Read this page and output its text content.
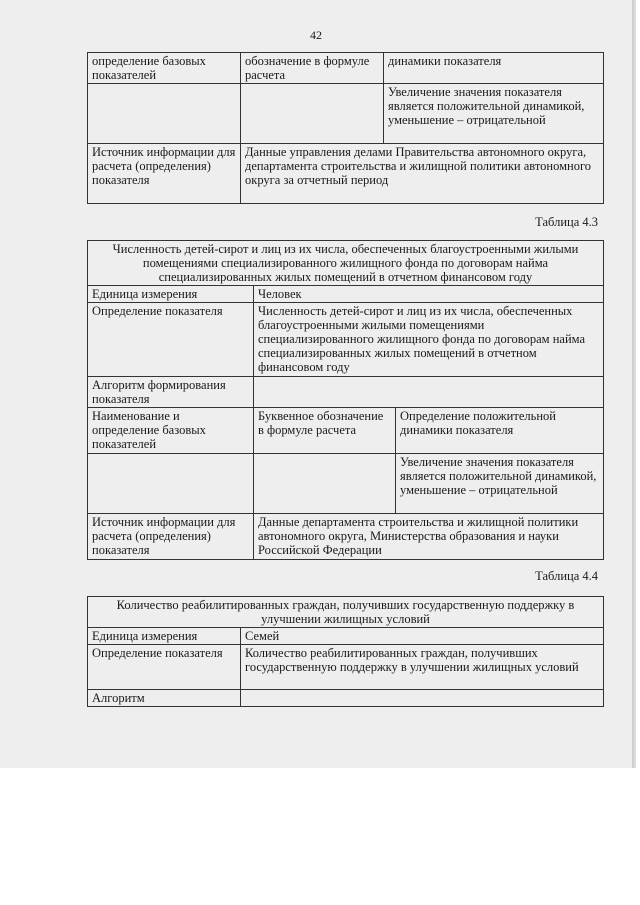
42
определение базовых показателей	обозначение в формуле расчета	динамики показателя
		Увеличение значения показателя является положительной динамикой, уменьшение – отрицательной
Источник информации для расчета (определения) показателя	Данные управления делами Правительства автономного округа, департамента строительства и жилищной политики автономного округа за отчетный период	
Таблица 4.3
Численность детей-сирот и лиц из их числа, обеспеченных благоустроенными жилыми помещениями специализированного жилищного фонда по договорам найма специализированных жилых помещений в отчетном финансовом году		
Единица измерения	Человек	
Определение показателя	Численность детей-сирот и лиц из их числа, обеспеченных благоустроенными жилыми помещениями специализированного жилищного фонда по договорам найма специализированных жилых помещений в отчетном финансовом году	
Алгоритм формирования показателя		
Наименование и определение базовых показателей	Буквенное обозначение в формуле расчета	Определение положительной динамики показателя
		Увеличение значения показателя является положительной динамикой, уменьшение – отрицательной
Источник информации для расчета (определения) показателя	Данные департамента строительства и жилищной политики автономного округа, Министерства образования и науки Российской Федерации	
Таблица 4.4
Количество реабилитированных граждан, получивших государственную поддержку в улучшении жилищных условий	
Единица измерения	Семей
Определение показателя	Количество реабилитированных граждан, получивших государственную поддержку в улучшении жилищных условий
Алгоритм	
